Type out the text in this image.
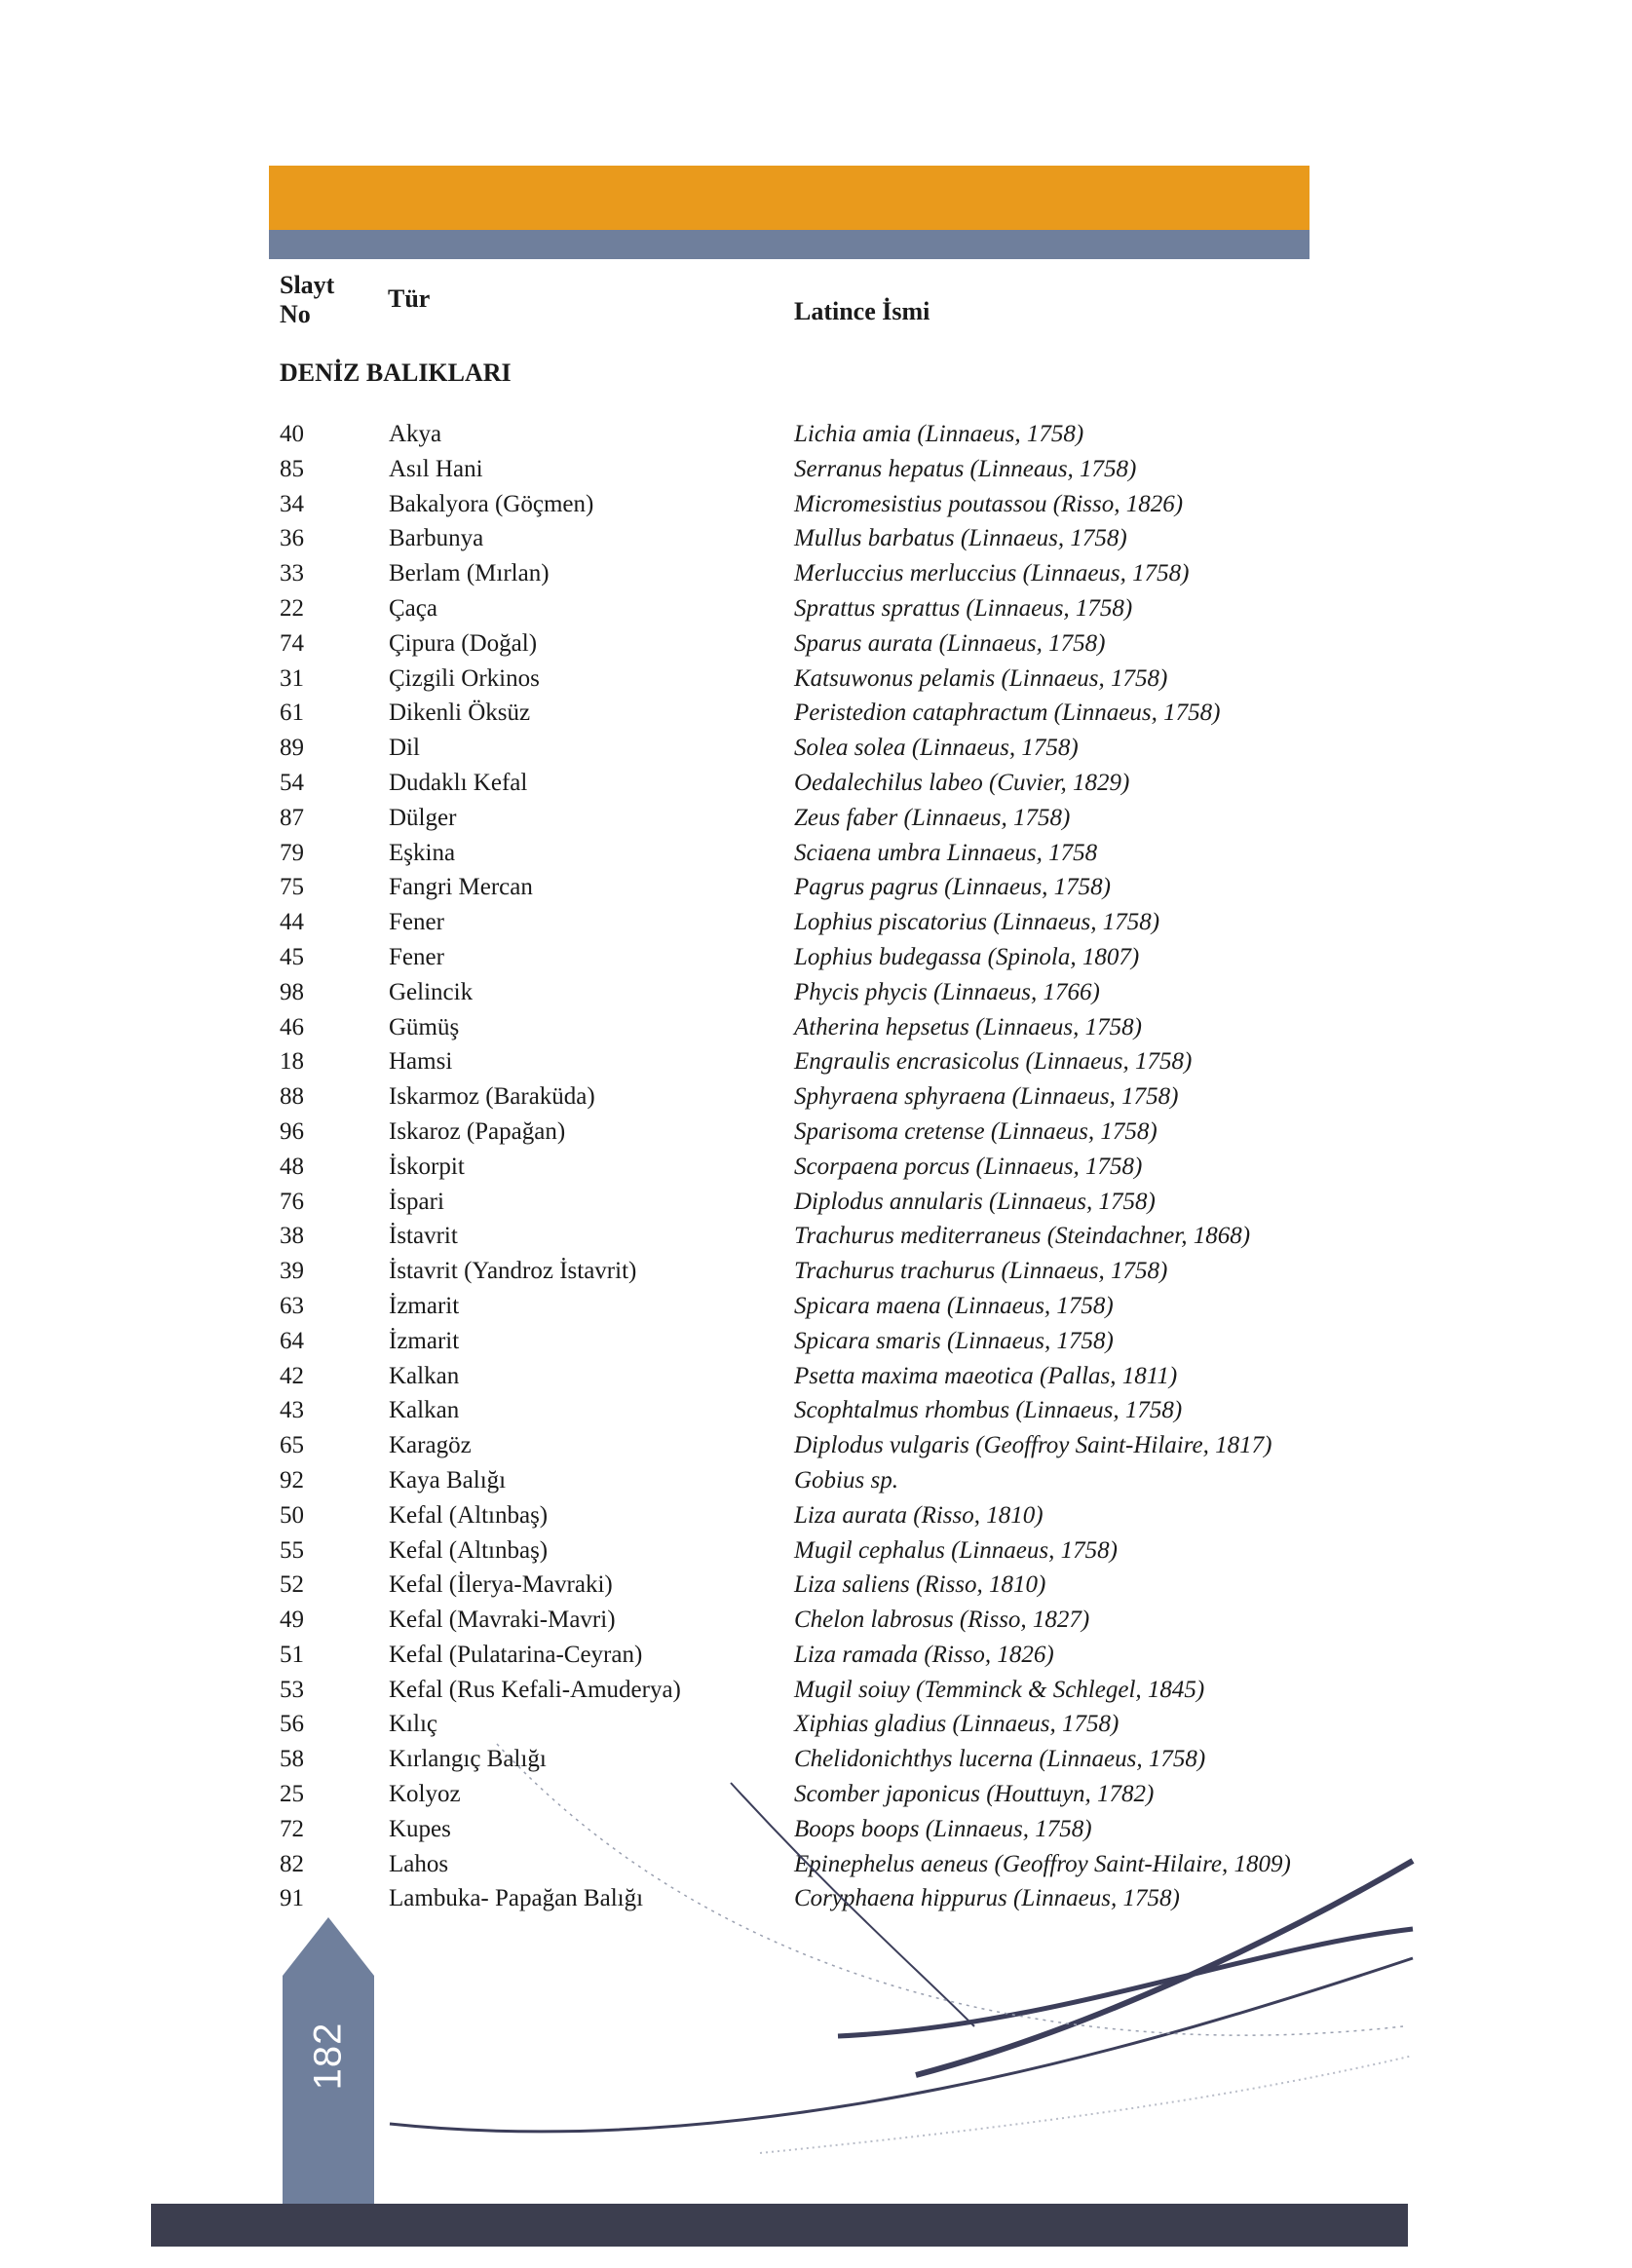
Slayt No
Tür	Latince İsmi
DENİZ BALIKLARI
40	Akya	Lichia amia (Linnaeus, 1758)
85	Asıl Hani	Serranus hepatus (Linneaus, 1758)
34	Bakalyora (Göçmen)	Micromesistius poutassou (Risso, 1826)
36	Barbunya	Mullus barbatus (Linnaeus, 1758)
33	Berlam (Mırlan)	Merluccius merluccius (Linnaeus, 1758)
22	Çaça	Sprattus sprattus (Linnaeus, 1758)
74	Çipura (Doğal)	Sparus aurata (Linnaeus, 1758)
31	Çizgili Orkinos	Katsuwonus pelamis (Linnaeus, 1758)
61	Dikenli Öksüz	Peristedion cataphractum (Linnaeus, 1758)
89	Dil	Solea solea (Linnaeus, 1758)
54	Dudaklı Kefal	Oedalechilus labeo (Cuvier, 1829)
87	Dülger	Zeus faber (Linnaeus, 1758)
79	Eşkina	Sciaena umbra Linnaeus, 1758
75	Fangri Mercan	Pagrus pagrus (Linnaeus, 1758)
44	Fener	Lophius piscatorius (Linnaeus, 1758)
45	Fener	Lophius budegassa (Spinola, 1807)
98	Gelincik	Phycis phycis (Linnaeus, 1766)
46	Gümüş	Atherina hepsetus (Linnaeus, 1758)
18	Hamsi	Engraulis encrasicolus (Linnaeus, 1758)
88	Iskarmoz (Baraküda)	Sphyraena sphyraena (Linnaeus, 1758)
96	Iskaroz (Papağan)	Sparisoma cretense (Linnaeus, 1758)
48	İskorpit	Scorpaena porcus (Linnaeus, 1758)
76	İspari	Diplodus annularis (Linnaeus, 1758)
38	İstavrit	Trachurus mediterraneus (Steindachner, 1868)
39	İstavrit (Yandroz İstavrit)	Trachurus trachurus (Linnaeus, 1758)
63	İzmarit	Spicara maena (Linnaeus, 1758)
64	İzmarit	Spicara smaris (Linnaeus, 1758)
42	Kalkan	Psetta maxima maeotica (Pallas, 1811)
43	Kalkan	Scophtalmus rhombus (Linnaeus, 1758)
65	Karagöz	Diplodus vulgaris (Geoffroy Saint-Hilaire, 1817)
92	Kaya Balığı	Gobius sp.
50	Kefal (Altınbaş)	Liza aurata (Risso, 1810)
55	Kefal (Altınbaş)	Mugil cephalus (Linnaeus, 1758)
52	Kefal (İlerya-Mavraki)	Liza saliens (Risso, 1810)
49	Kefal (Mavraki-Mavri)	Chelon labrosus (Risso, 1827)
51	Kefal (Pulatarina-Ceyran)	Liza ramada (Risso, 1826)
53	Kefal (Rus Kefali-Amuderya)	Mugil soiuy (Temminck & Schlegel, 1845)
56	Kılıç	Xiphias gladius (Linnaeus, 1758)
58	Kırlangıç Balığı	Chelidonichthys lucerna (Linnaeus, 1758)
25	Kolyoz	Scomber japonicus (Houttuyn, 1782)
72	Kupes	Boops boops (Linnaeus, 1758)
82	Lahos	Epinephelus aeneus (Geoffroy Saint-Hilaire, 1809)
91	Lambuka- Papağan Balığı	Coryphaena hippurus (Linnaeus, 1758)
182
